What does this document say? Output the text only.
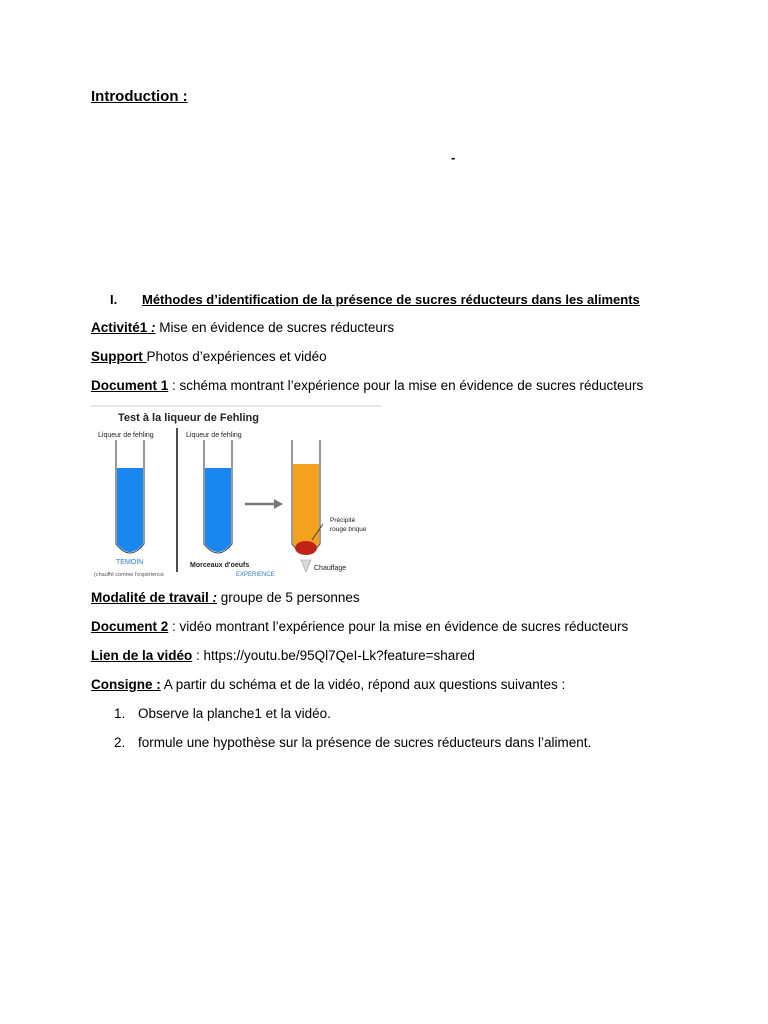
Introduction :
-
I. Méthodes d’identification de la présence de sucres réducteurs dans les aliments
Activité1 : Mise en évidence de sucres réducteurs
Support Photos d’expériences et vidéo
Document 1 : schéma montrant l’expérience pour la mise en évidence de sucres réducteurs
Test à la liqueur de Fehling
Liqueur de fehling
TEMOIN
(chauffé comme l'expérience
Liqueur de fehling
Morceaux d'oeufs
EXPERIENCE
Précipité
rouge brique
Chauffage
Modalité de travail : groupe de 5 personnes
Document 2 : vidéo montrant l’expérience pour la mise en évidence de sucres réducteurs
Lien de la vidéo : https://youtu.be/95Ql7QeI-Lk?feature=shared
Consigne : A partir du schéma et de la vidéo, répond aux questions suivantes :
1. Observe la planche1 et la vidéo.
2. formule une hypothèse sur la présence de sucres réducteurs dans l’aliment.
